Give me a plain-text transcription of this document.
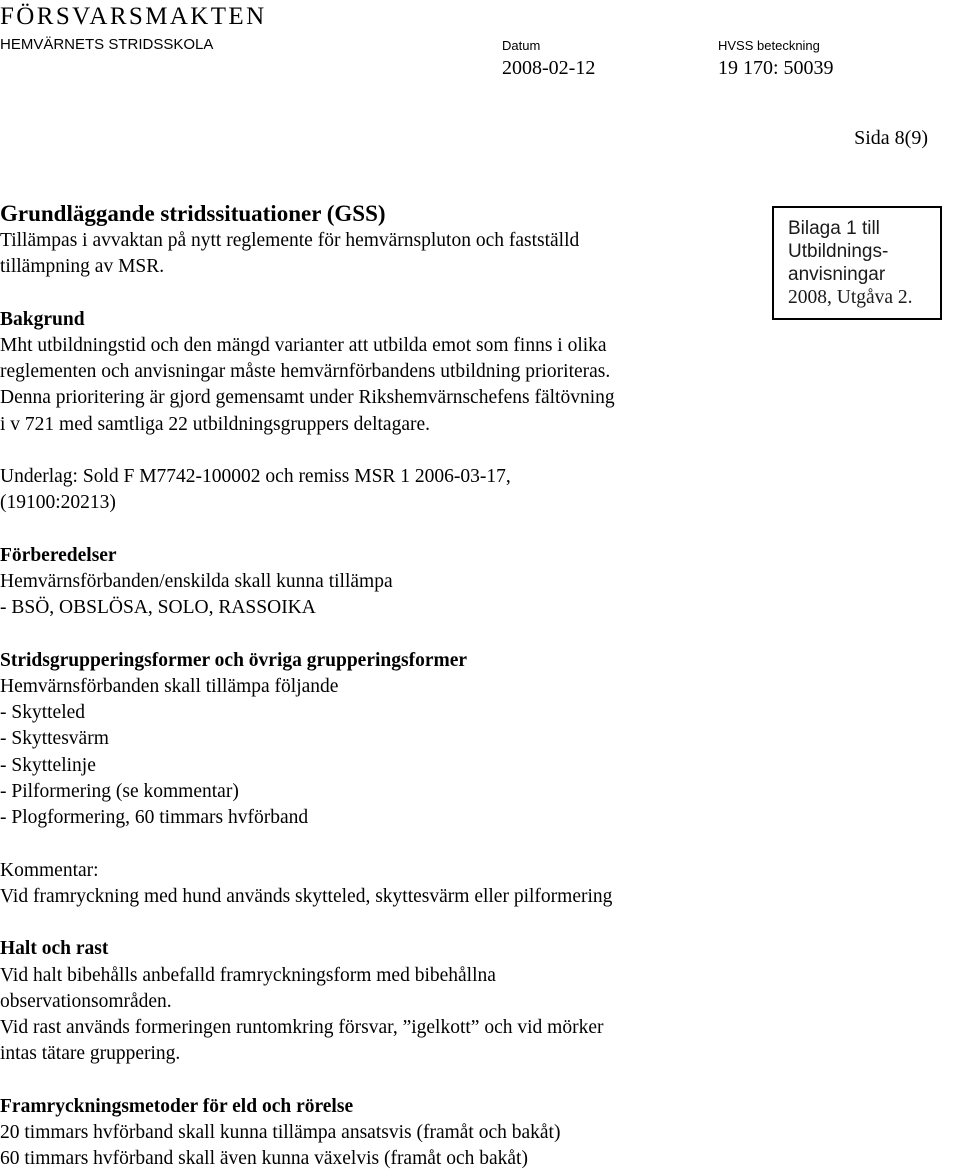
FÖRSVARSMAKTEN
HEMVÄRNETS STRIDSSKOLA	Datum
2008-02-12
HVSS beteckning
19 170: 50039
Sida 8(9)
Bilaga 1 till
Utbildnings-
anvisningar
2008, Utgåva 2.

Grundläggande stridssituationer (GSS)

Tillämpas i avvaktan på nytt reglemente för hemvärnspluton och fastställd

tillämpning av MSR.

Bakgrund

Mht utbildningstid och den mängd varianter att utbilda emot som finns i olika

reglementen och anvisningar måste hemvärnförbandens utbildning prioriteras.

Denna prioritering är gjord gemensamt under Rikshemvärnschefens fältövning

i v 721 med samtliga 22 utbildningsgruppers deltagare.

Underlag: Sold F M7742-100002 och remiss MSR 1 2006-03-17,

(19100:20213)

Förberedelser

Hemvärnsförbanden/enskilda skall kunna tillämpa

- BSÖ, OBSLÖSA, SOLO, RASSOIKA

Stridsgrupperingsformer och övriga grupperingsformer

Hemvärnsförbanden skall tillämpa följande

- Skytteled

- Skyttesvärm

- Skyttelinje

- Pilformering (se kommentar)

- Plogformering, 60 timmars hvförband

Kommentar:

Vid framryckning med hund används skytteled, skyttesvärm eller pilformering

Halt och rast

Vid halt bibehålls anbefalld framryckningsform med bibehållna

observationsområden.

Vid rast används formeringen runtomkring försvar, ”igelkott” och vid mörker

intas tätare gruppering.

Framryckningsmetoder för eld och rörelse

20 timmars hvförband skall kunna tillämpa ansatsvis (framåt och bakåt)

60 timmars hvförband skall även kunna växelvis (framåt och bakåt)
